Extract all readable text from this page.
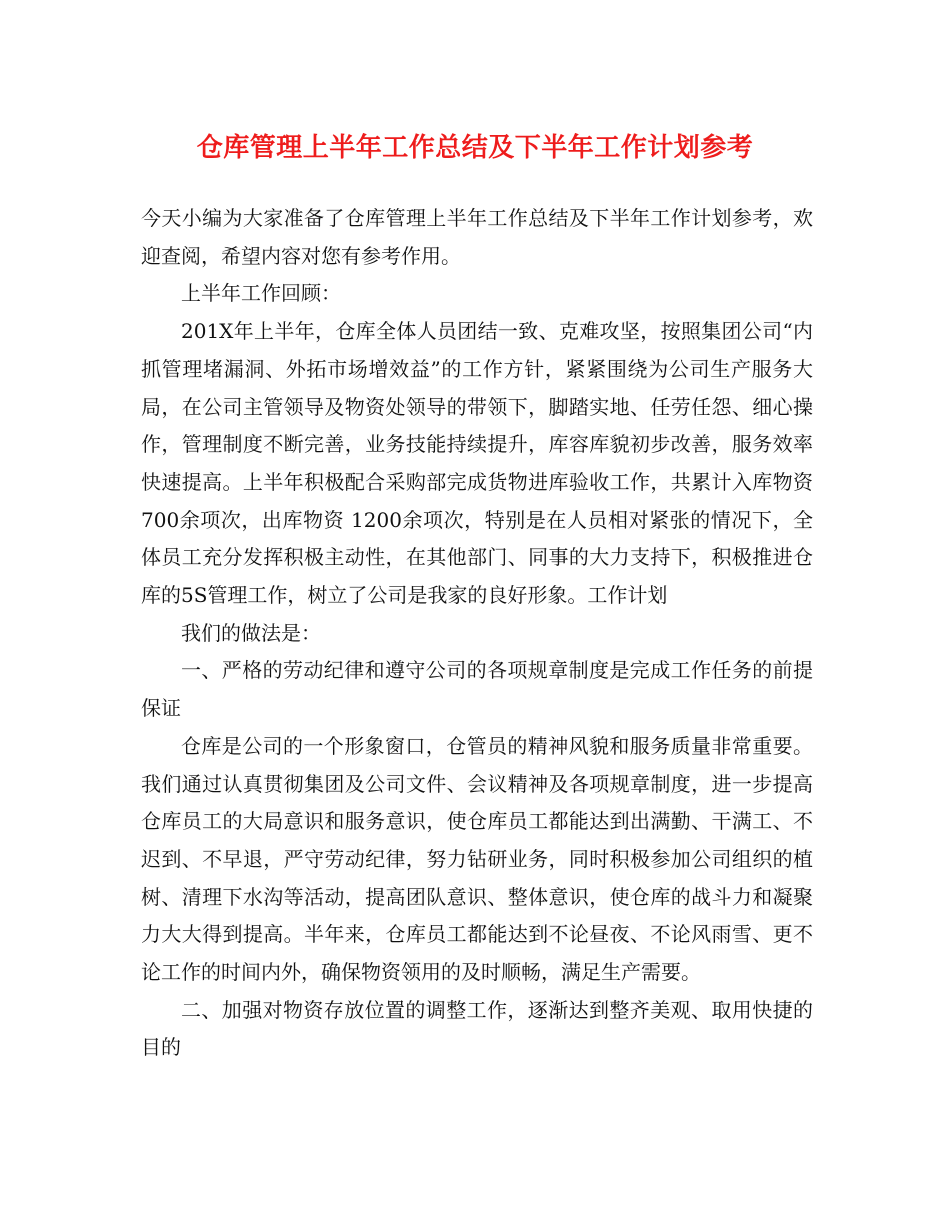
仓库管理上半年工作总结及下半年工作计划参考

今天小编为大家准备了仓库管理上半年工作总结及下半年工作计划参考，欢迎查阅，希望内容对您有参考作用。

上半年工作回顾：

201X年上半年，仓库全体人员团结一致、克难攻坚，按照集团公司“内抓管理堵漏洞、外拓市场增效益”的工作方针，紧紧围绕为公司生产服务大局，在公司主管领导及物资处领导的带领下，脚踏实地、任劳任怨、细心操作，管理制度不断完善，业务技能持续提升，库容库貌初步改善，服务效率快速提高。上半年积极配合采购部完成货物进库验收工作，共累计入库物资700余项次，出库物资 1200余项次，特别是在人员相对紧张的情况下，全体员工充分发挥积极主动性，在其他部门、同事的大力支持下，积极推进仓库的5S管理工作，树立了公司是我家的良好形象。工作计划

我们的做法是：

一、严格的劳动纪律和遵守公司的各项规章制度是完成工作任务的前提保证

仓库是公司的一个形象窗口，仓管员的精神风貌和服务质量非常重要。我们通过认真贯彻集团及公司文件、会议精神及各项规章制度，进一步提高仓库员工的大局意识和服务意识，使仓库员工都能达到出满勤、干满工、不迟到、不早退，严守劳动纪律，努力钻研业务，同时积极参加公司组织的植树、清理下水沟等活动，提高团队意识、整体意识，使仓库的战斗力和凝聚力大大得到提高。半年来，仓库员工都能达到不论昼夜、不论风雨雪、更不论工作的时间内外，确保物资领用的及时顺畅，满足生产需要。

二、加强对物资存放位置的调整工作，逐渐达到整齐美观、取用快捷的目的
